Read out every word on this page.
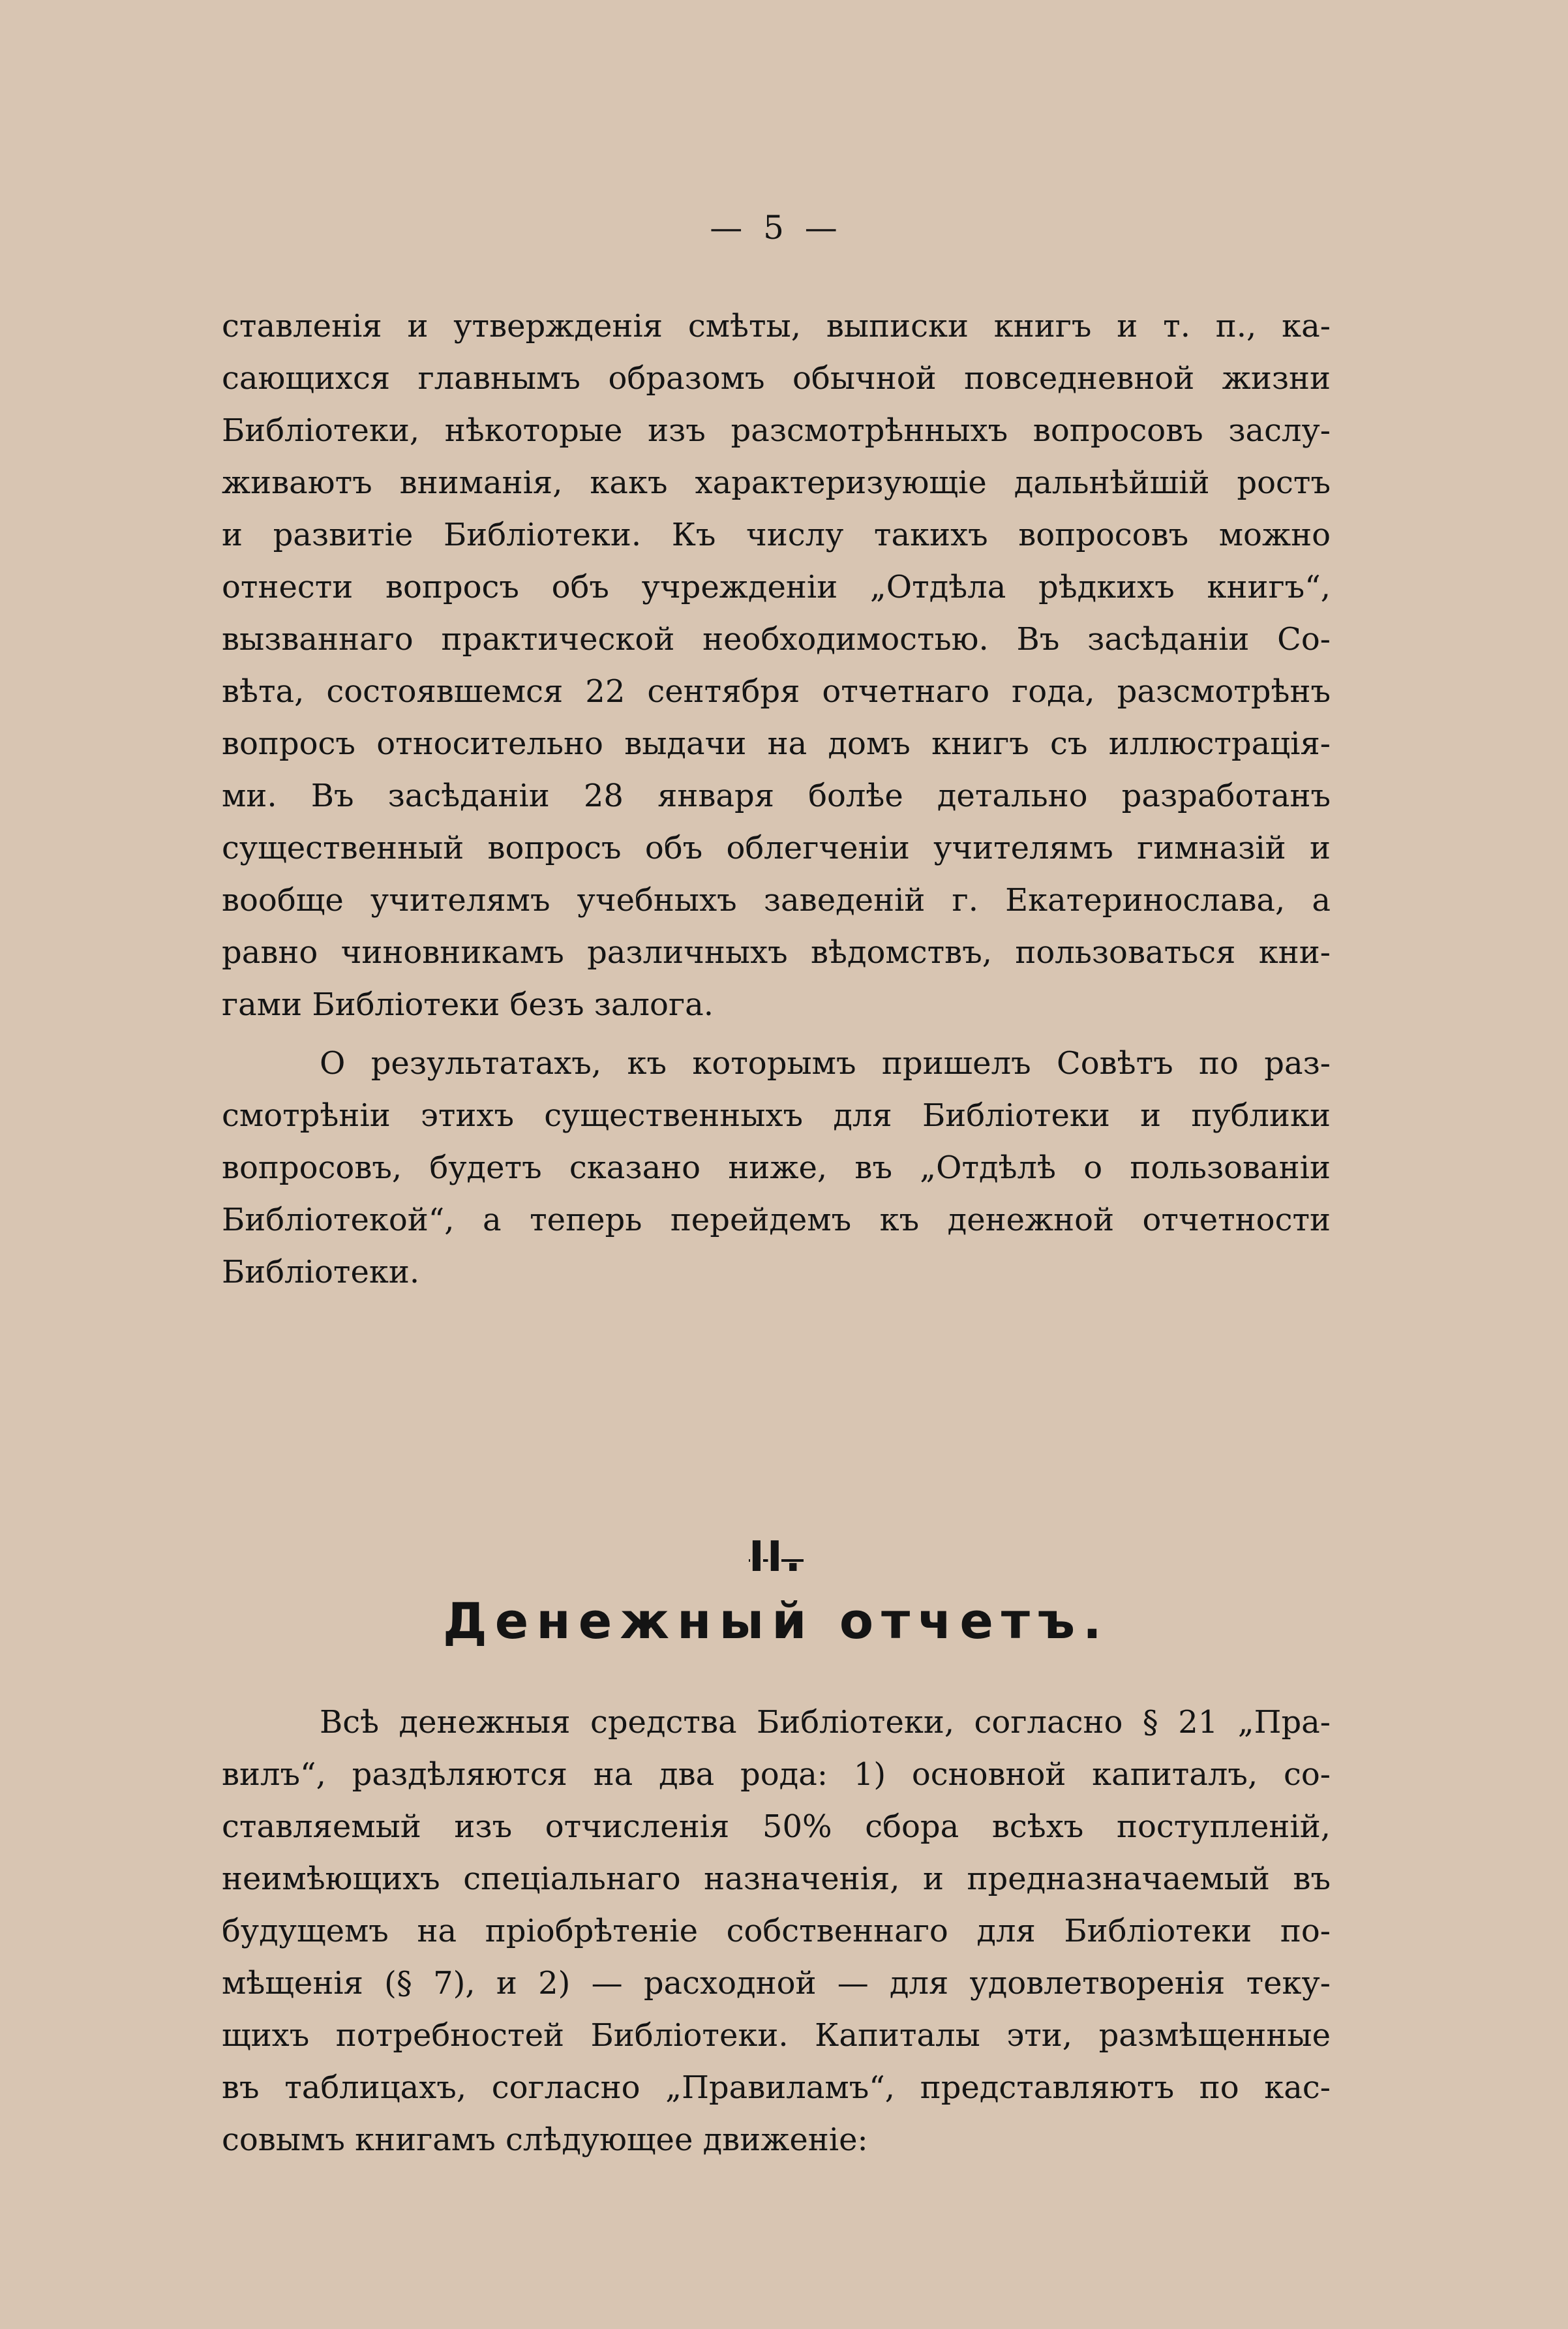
— 5 —
ставленія и утвержденія смѣты, выписки книгъ и т. п., ка-
сающихся главнымъ образомъ обычной повседневной жизни
Библіотеки, нѣкоторые изъ разсмотрѣнныхъ вопросовъ заслу-
живаютъ вниманія, какъ характеризующіе дальнѣйшій ростъ
и развитіе Библіотеки. Къ числу такихъ вопросовъ можно
отнести вопросъ объ учрежденіи „Отдѣла рѣдкихъ книгъ“,
вызваннаго практической необходимостью. Въ засѣданіи Со-
вѣта, состоявшемся 22 сентября отчетнаго года, разсмотрѣнъ
вопросъ относительно выдачи на домъ книгъ съ иллюстрація-
ми. Въ засѣданіи 28 января болѣе детально разработанъ
существенный вопросъ объ облегченіи учителямъ гимназій и
вообще учителямъ учебныхъ заведеній г. Екатеринослава, а
равно чиновникамъ различныхъ вѣдомствъ, пользоваться кни-
гами Библіотеки безъ залога.
О результатахъ, къ которымъ пришелъ Совѣтъ по раз-
смотрѣніи этихъ существенныхъ для Библіотеки и публики
вопросовъ, будетъ сказано ниже, въ „Отдѣлѣ о пользованіи
Библіотекой“, а теперь перейдемъ къ денежной отчетности
Библіотеки.
II.
Денежный отчетъ.
Всѣ денежныя средства Библіотеки, согласно § 21 „Пра-
вилъ“, раздѣляются на два рода: 1) основной капиталъ, со-
ставляемый изъ отчисленія 50% сбора всѣхъ поступленій,
неимѣющихъ спеціальнаго назначенія, и предназначаемый въ
будущемъ на пріобрѣтеніе собственнаго для Библіотеки по-
мѣщенія (§ 7), и 2) — расходной — для удовлетворенія теку-
щихъ потребностей Библіотеки. Капиталы эти, размѣщенные
въ таблицахъ, согласно „Правиламъ“, представляютъ по кас-
совымъ книгамъ слѣдующее движеніе:
